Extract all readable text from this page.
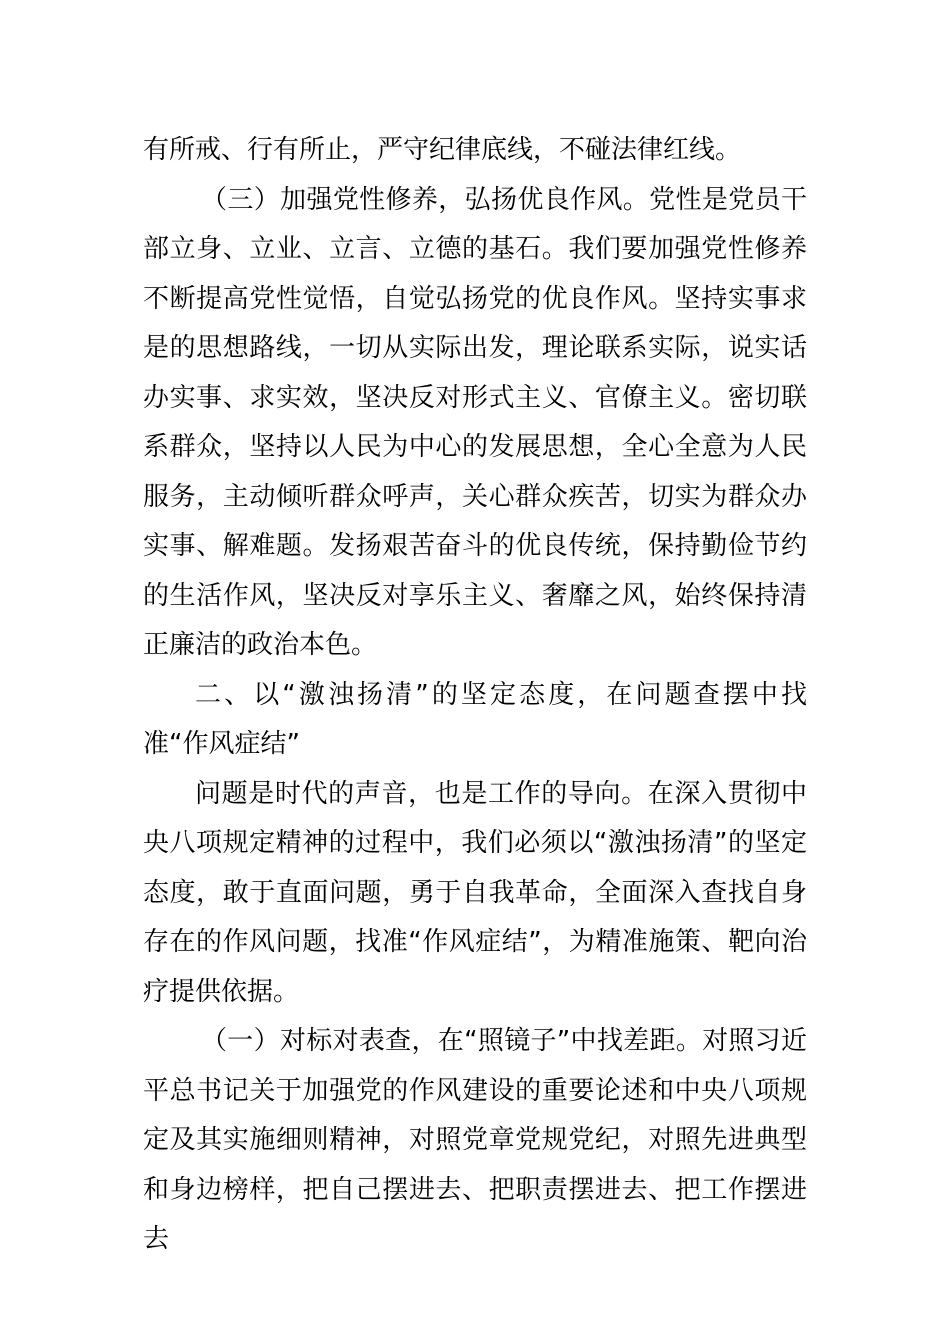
有所戒、行有所止，严守纪律底线，不碰法律红线。

（三）加强党性修养，弘扬优良作风。党性是党员干部立身、立业、立言、立德的基石。我们要加强党性修养不断提高党性觉悟，自觉弘扬党的优良作风。坚持实事求是的思想路线，一切从实际出发，理论联系实际，说实话办实事、求实效，坚决反对形式主义、官僚主义。密切联系群众，坚持以人民为中心的发展思想，全心全意为人民服务，主动倾听群众呼声，关心群众疾苦，切实为群众办实事、解难题。发扬艰苦奋斗的优良传统，保持勤俭节约的生活作风，坚决反对享乐主义、奢靡之风，始终保持清正廉洁的政治本色。

二、以“激浊扬清”的坚定态度，在问题查摆中找准“作风症结”

问题是时代的声音，也是工作的导向。在深入贯彻中央八项规定精神的过程中，我们必须以“激浊扬清”的坚定态度，敢于直面问题，勇于自我革命，全面深入查找自身存在的作风问题，找准“作风症结”，为精准施策、靶向治疗提供依据。

（一）对标对表查，在“照镜子”中找差距。对照习近平总书记关于加强党的作风建设的重要论述和中央八项规定及其实施细则精神，对照党章党规党纪，对照先进典型和身边榜样，把自己摆进去、把职责摆进去、把工作摆进去
